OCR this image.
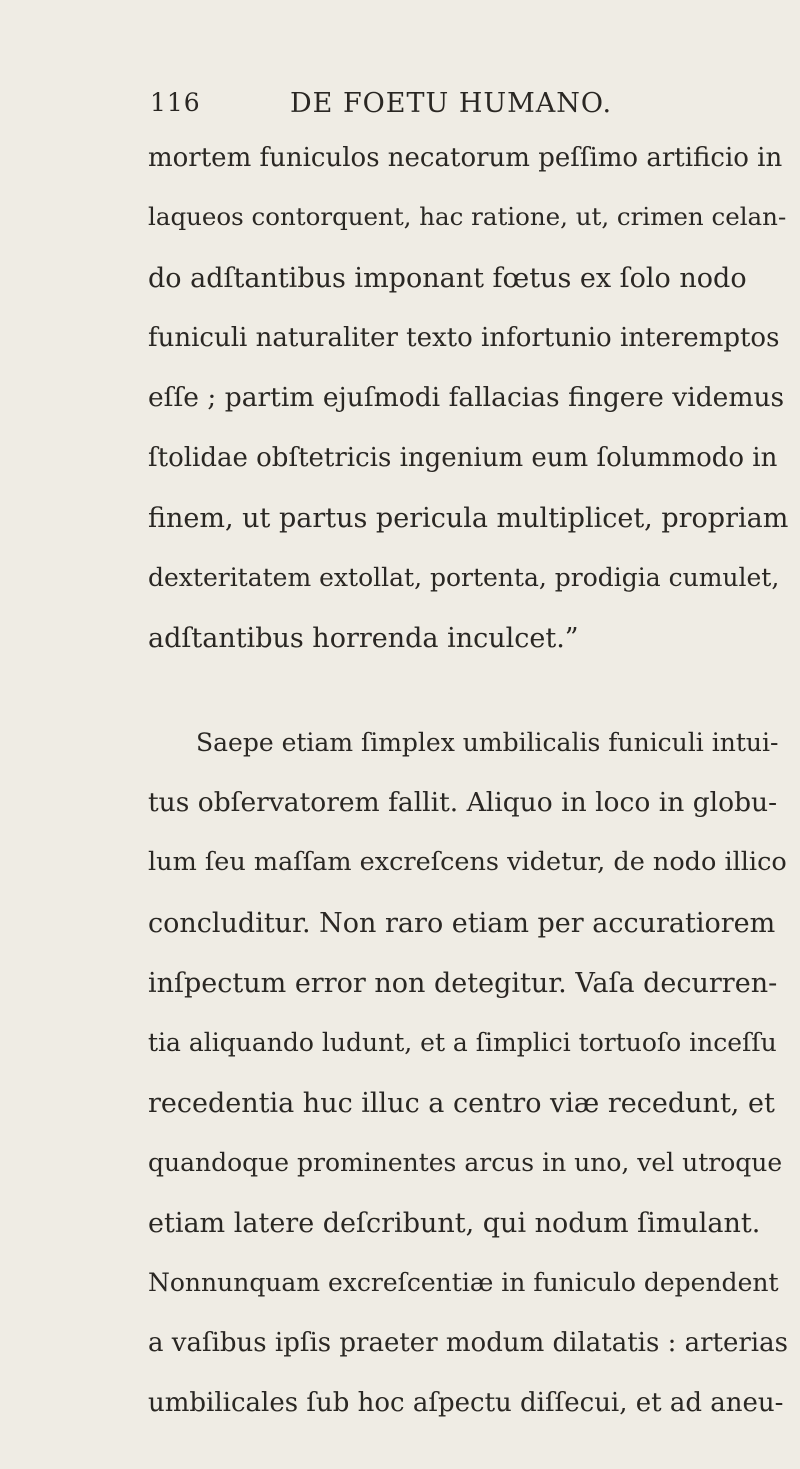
116	DE FOETU HUMANO.
mortem funiculos necatorum peſſimo artificio in
laqueos contorquent, hac ratione, ut, crimen celan-
do adſtantibus imponant fœtus ex ſolo nodo
funiculi naturaliter texto infortunio interemptos
eſſe ; partim ejuſmodi fallacias fingere videmus
ſtolidae obſtetricis ingenium eum ſolummodo in
finem, ut partus pericula multiplicet, propriam
dexteritatem extollat, portenta, prodigia cumulet,
adſtantibus horrenda inculcet.”
Saepe etiam ſimplex umbilicalis funiculi intui-
tus obſervatorem fallit. Aliquo in loco in globu-
lum ſeu maſſam excreſcens videtur, de nodo illico
concluditur. Non raro etiam per accuratiorem
inſpectum error non detegitur. Vaſa decurren-
tia aliquando ludunt, et a ſimplici tortuoſo inceſſu
recedentia huc illuc a centro viæ recedunt, et
quandoque prominentes arcus in uno, vel utroque
etiam latere deſcribunt, qui nodum ſimulant.
Nonnunquam excreſcentiæ in funiculo dependent
a vaſibus ipſis praeter modum dilatatis : arterias
umbilicales ſub hoc aſpectu diſſecui, et ad aneu-
